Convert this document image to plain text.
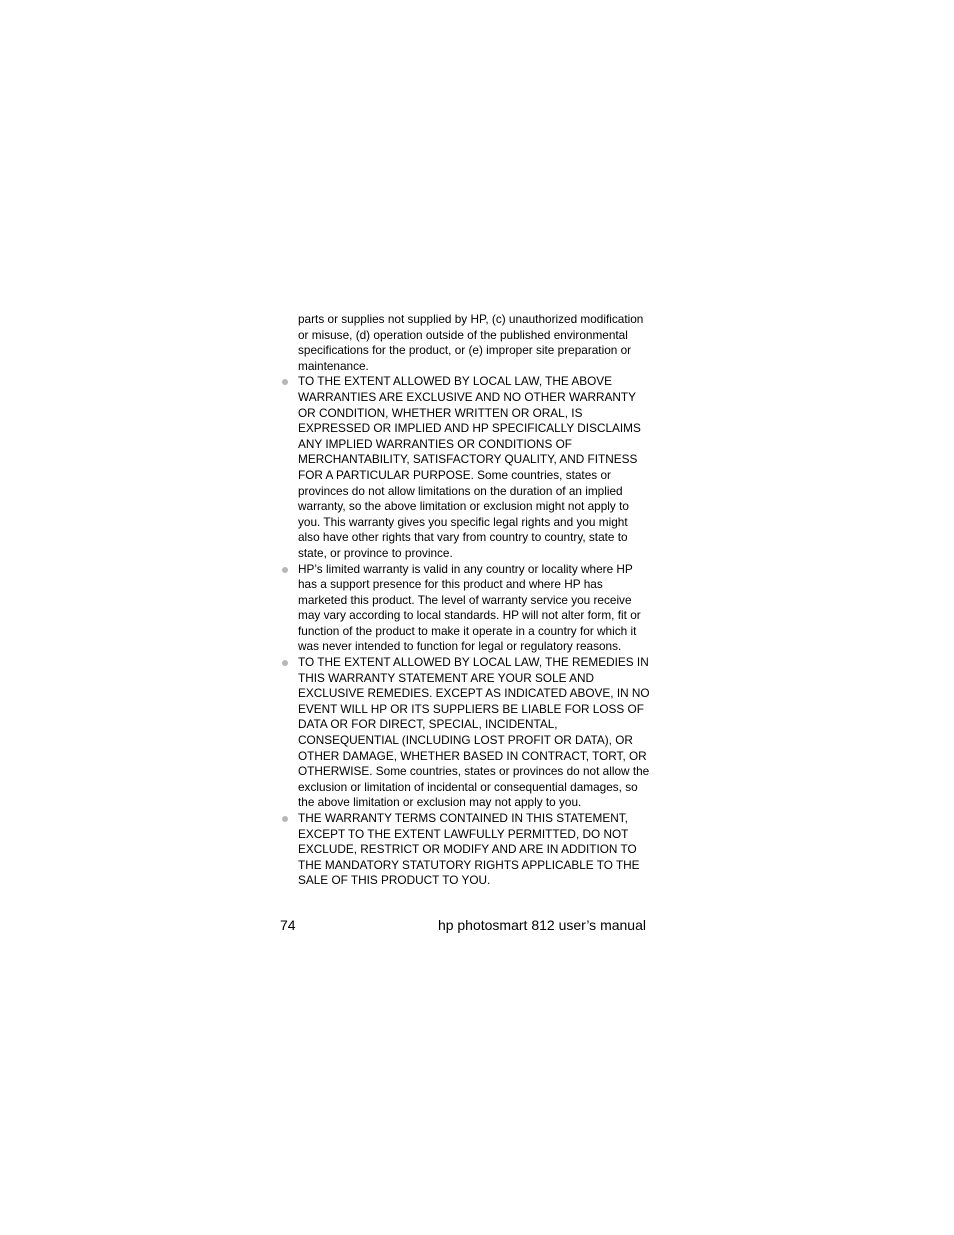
parts or supplies not supplied by HP, (c) unauthorized modification or misuse, (d) operation outside of the published environmental specifications for the product, or (e) improper site preparation or maintenance.

TO THE EXTENT ALLOWED BY LOCAL LAW, THE ABOVE WARRANTIES ARE EXCLUSIVE AND NO OTHER WARRANTY OR CONDITION, WHETHER WRITTEN OR ORAL, IS EXPRESSED OR IMPLIED AND HP SPECIFICALLY DISCLAIMS ANY IMPLIED WARRANTIES OR CONDITIONS OF MERCHANTABILITY, SATISFACTORY QUALITY, AND FITNESS FOR A PARTICULAR PURPOSE. Some countries, states or provinces do not allow limitations on the duration of an implied warranty, so the above limitation or exclusion might not apply to you. This warranty gives you specific legal rights and you might also have other rights that vary from country to country, state to state, or province to province.
HP’s limited warranty is valid in any country or locality where HP has a support presence for this product and where HP has marketed this product. The level of warranty service you receive may vary according to local standards. HP will not alter form, fit or function of the product to make it operate in a country for which it was never intended to function for legal or regulatory reasons.
TO THE EXTENT ALLOWED BY LOCAL LAW, THE REMEDIES IN THIS WARRANTY STATEMENT ARE YOUR SOLE AND EXCLUSIVE REMEDIES. EXCEPT AS INDICATED ABOVE, IN NO EVENT WILL HP OR ITS SUPPLIERS BE LIABLE FOR LOSS OF DATA OR FOR DIRECT, SPECIAL, INCIDENTAL, CONSEQUENTIAL (INCLUDING LOST PROFIT OR DATA), OR OTHER DAMAGE, WHETHER BASED IN CONTRACT, TORT, OR OTHERWISE. Some countries, states or provinces do not allow the exclusion or limitation of incidental or consequential damages, so the above limitation or exclusion may not apply to you.
THE WARRANTY TERMS CONTAINED IN THIS STATEMENT, EXCEPT TO THE EXTENT LAWFULLY PERMITTED, DO NOT EXCLUDE, RESTRICT OR MODIFY AND ARE IN ADDITION TO THE MANDATORY STATUTORY RIGHTS APPLICABLE TO THE SALE OF THIS PRODUCT TO YOU.
74	hp photosmart 812 user’s manual
